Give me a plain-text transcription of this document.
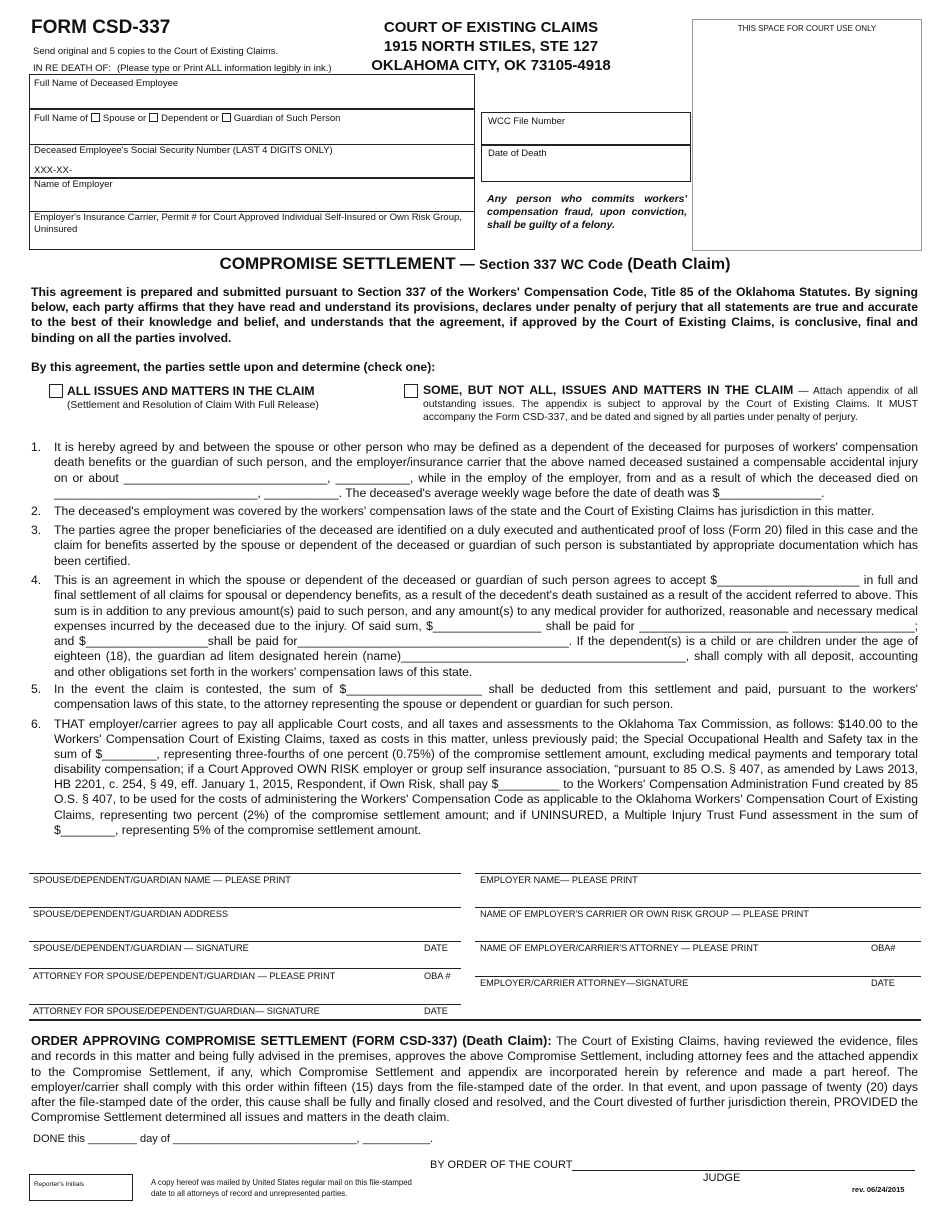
FORM CSD-337
Send original and 5 copies to the Court of Existing Claims.
IN RE DEATH OF: (Please type or Print ALL information legibly in ink.)
COURT OF EXISTING CLAIMS
1915 NORTH STILES, STE 127
OKLAHOMA CITY, OK 73105-4918
THIS SPACE FOR COURT USE ONLY
Full Name of Deceased Employee
Full Name of Spouse or Dependent or Guardian of Such Person
Deceased Employee's Social Security Number (LAST 4 DIGITS ONLY)
XXX-XX-
Name of Employer
Employer's Insurance Carrier, Permit # for Court Approved Individual Self-Insured or Own Risk Group, Uninsured
WCC File Number
Date of Death
Any person who commits workers' compensation fraud, upon conviction, shall be guilty of a felony.
COMPROMISE SETTLEMENT — Section 337 WC Code (Death Claim)
This agreement is prepared and submitted pursuant to Section 337 of the Workers' Compensation Code, Title 85 of the Oklahoma Statutes. By signing below, each party affirms that they have read and understand its provisions, declares under penalty of perjury that all statements are true and accurate to the best of their knowledge and belief, and understands that the agreement, if approved by the Court of Existing Claims, is conclusive, final and binding on all the parties involved.
By this agreement, the parties settle upon and determine (check one):
ALL ISSUES AND MATTERS IN THE CLAIM
(Settlement and Resolution of Claim With Full Release)
SOME, BUT NOT ALL, ISSUES AND MATTERS IN THE CLAIM — Attach appendix of all outstanding issues. The appendix is subject to approval by the Court of Existing Claims. It MUST accompany the Form CSD-337, and be dated and signed by all parties under penalty of perjury.
1. It is hereby agreed by and between the spouse or other person who may be defined as a dependent of the deceased for purposes of workers' compensation death benefits or the guardian of such person, and the employer/insurance carrier that the above named deceased sustained a compensable accidental injury on or about ______________________________, ___________, while in the employ of the employer, from and as a result of which the deceased died on ______________________________, ___________. The deceased's average weekly wage before the date of death was $_______________.
2. The deceased's employment was covered by the workers' compensation laws of the state and the Court of Existing Claims has jurisdiction in this matter.
3. The parties agree the proper beneficiaries of the deceased are identified on a duly executed and authenticated proof of loss (Form 20) filed in this case and the claim for benefits asserted by the spouse or dependent of the deceased or guardian of such person is substantiated by appropriate documentation which has been certified.
4. This is an agreement in which the spouse or dependent of the deceased or guardian of such person agrees to accept $_____________________ in full and final settlement of all claims for spousal or dependency benefits, as a result of the decedent's death sustained as a result of the accident referred to above. This sum is in addition to any previous amount(s) paid to such person, and any amount(s) to any medical provider for authorized, reasonable and necessary medical expenses incurred by the deceased due to the injury. Of said sum, $________________ shall be paid for ______________________ __________________; and $__________________shall be paid for________________________________________. If the dependent(s) is a child or are children under the age of eighteen (18), the guardian ad litem designated herein (name)__________________________________________, shall comply with all deposit, accounting and other obligations set forth in the workers' compensation laws of this state.
5. In the event the claim is contested, the sum of $____________________ shall be deducted from this settlement and paid, pursuant to the workers' compensation laws of this state, to the attorney representing the spouse or dependent or guardian for such person.
6. THAT employer/carrier agrees to pay all applicable Court costs, and all taxes and assessments to the Oklahoma Tax Commission, as follows: $140.00 to the Workers' Compensation Court of Existing Claims, taxed as costs in this matter, unless previously paid; the Special Occupational Health and Safety tax in the sum of $________, representing three-fourths of one percent (0.75%) of the compromise settlement amount, excluding medical payments and temporary total disability compensation; if a Court Approved OWN RISK employer or group self insurance association, “pursuant to 85 O.S. § 407, as amended by Laws 2013, HB 2201, c. 254, § 49, eff. January 1, 2015, Respondent, if Own Risk, shall pay $_________ to the Workers' Compensation Administration Fund created by 85 O.S. § 407, to be used for the costs of administering the Workers' Compensation Code as applicable to the Oklahoma Workers' Compensation Court of Existing Claims, representing two percent (2%) of the compromise settlement amount; and if UNINSURED, a Multiple Injury Trust Fund assessment in the sum of $________, representing 5% of the compromise settlement amount.
SPOUSE/DEPENDENT/GUARDIAN NAME — PLEASE PRINT
SPOUSE/DEPENDENT/GUARDIAN ADDRESS
SPOUSE/DEPENDENT/GUARDIAN — SIGNATURE	DATE
ATTORNEY FOR SPOUSE/DEPENDENT/GUARDIAN — PLEASE PRINT	OBA #
ATTORNEY FOR SPOUSE/DEPENDENT/GUARDIAN— SIGNATURE	DATE
EMPLOYER NAME— PLEASE PRINT
NAME OF EMPLOYER'S CARRIER OR OWN RISK GROUP — PLEASE PRINT
NAME OF EMPLOYER/CARRIER'S ATTORNEY — PLEASE PRINT	OBA#
EMPLOYER/CARRIER ATTORNEY—SIGNATURE	DATE
ORDER APPROVING COMPROMISE SETTLEMENT (FORM CSD-337) (Death Claim): The Court of Existing Claims, having reviewed the evidence, files and records in this matter and being fully advised in the premises, approves the above Compromise Settlement, including attorney fees and the attached appendix to the Compromise Settlement, if any, which Compromise Settlement and appendix are incorporated herein by reference and made a part hereof. The employer/carrier shall comply with this order within fifteen (15) days from the file-stamped date of the order. In that event, and upon passage of twenty (20) days after the file-stamped date of the order, this cause shall be fully and finally closed and resolved, and the Court divested of further jurisdiction therein, PROVIDED the Compromise Settlement determined all issues and matters in the death claim.
DONE this ________ day of ______________________________, ___________.
BY ORDER OF THE COURT
JUDGE
Reporter's Initials	A copy hereof was mailed by United States regular mail on this file-stamped date to all attorneys of record and unrepresented parties.	rev. 06/24/2015
